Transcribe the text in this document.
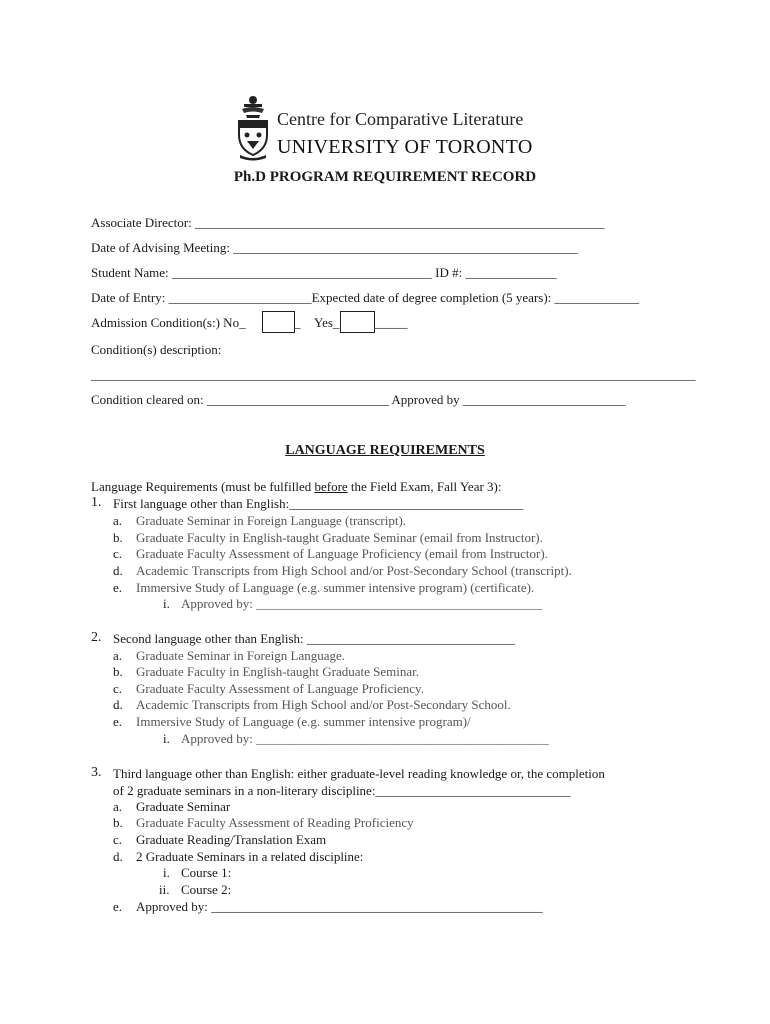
Centre for Comparative Literature
UNIVERSITY OF TORONTO
Ph.D PROGRAM REQUIREMENT RECORD
Associate Director: _______________________________________________________________
Date of Advising Meeting: _____________________________________________________
Student Name: ________________________________________ ID #: ______________
Date of Entry: ______________________Expected date of degree completion (5 years): _____________
Admission Condition(s:) No_	_ Yes_	_____
Condition(s) description:
_____________________________________________________________________________________________
Condition cleared on: ____________________________ Approved by _________________________
LANGUAGE REQUIREMENTS
Language Requirements (must be fulfilled before the Field Exam, Fall Year 3):
1. First language other than English:____________________________________
a. Graduate Seminar in Foreign Language (transcript).
b. Graduate Faculty in English-taught Graduate Seminar (email from Instructor).
c. Graduate Faculty Assessment of Language Proficiency (email from Instructor).
d. Academic Transcripts from High School and/or Post-Secondary School (transcript).
e. Immersive Study of Language (e.g. summer intensive program) (certificate).
i. Approved by: ____________________________________________
2. Second language other than English: ________________________________
a. Graduate Seminar in Foreign Language.
b. Graduate Faculty in English-taught Graduate Seminar.
c. Graduate Faculty Assessment of Language Proficiency.
d. Academic Transcripts from High School and/or Post-Secondary School.
e. Immersive Study of Language (e.g. summer intensive program)/
i. Approved by: _____________________________________________
3. Third language other than English: either graduate-level reading knowledge or, the completion
of 2 graduate seminars in a non-literary discipline:______________________________
a. Graduate Seminar
b. Graduate Faculty Assessment of Reading Proficiency
c. Graduate Reading/Translation Exam
d. 2 Graduate Seminars in a related discipline:
i. Course 1:
ii. Course 2:
e. Approved by: ___________________________________________________
